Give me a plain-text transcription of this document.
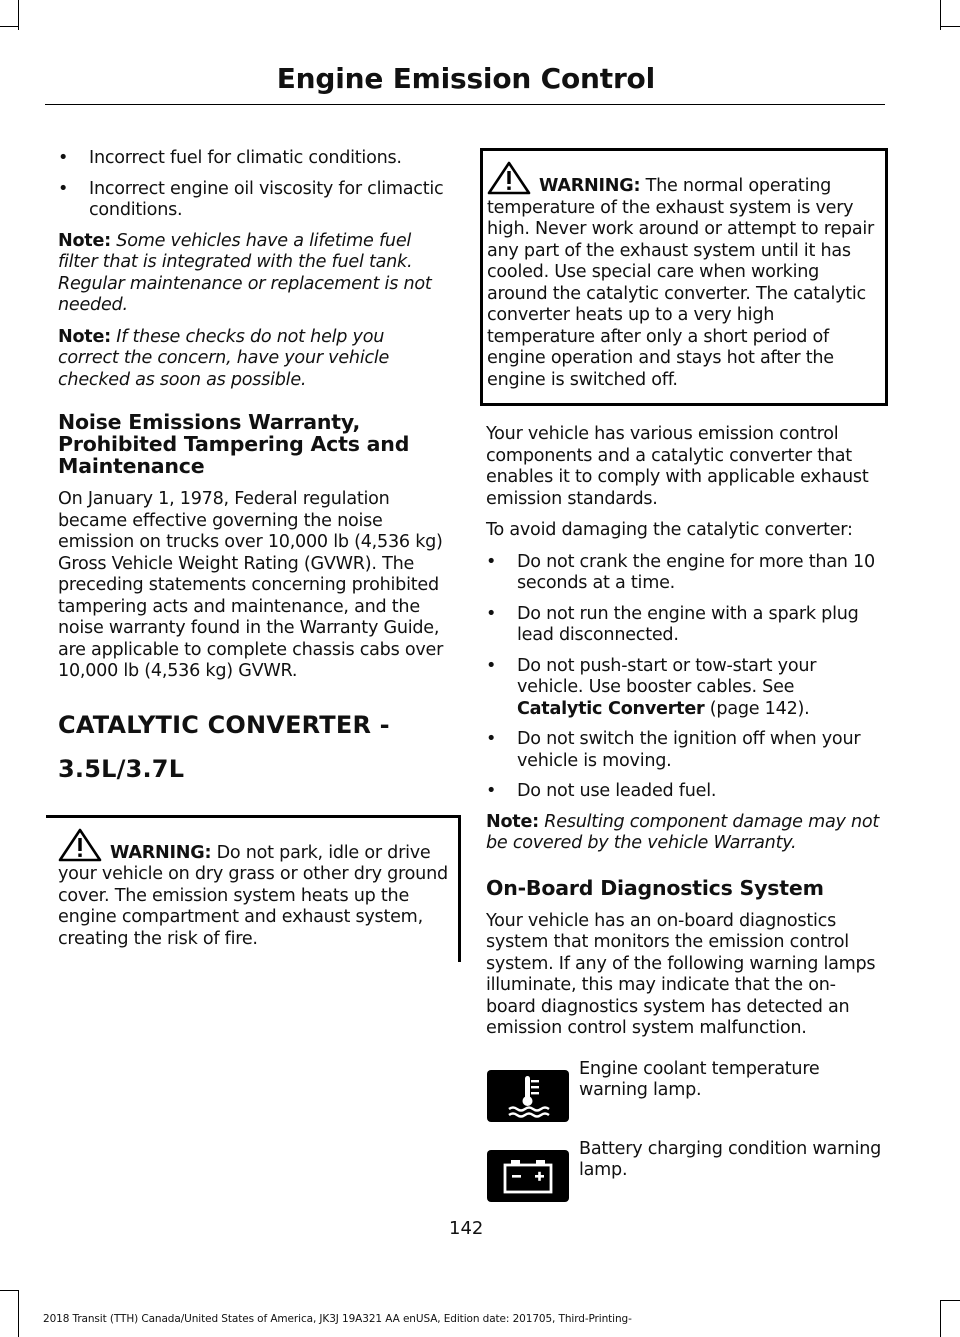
Engine Emission Control
• Incorrect fuel for climatic conditions.
• Incorrect engine oil viscosity for climactic conditions.

Note: Some vehicles have a lifetime fuel filter that is integrated with the fuel tank. Regular maintenance or replacement is not needed.

Note: If these checks do not help you correct the concern, have your vehicle checked as soon as possible.

Noise Emissions Warranty, Prohibited Tampering Acts and Maintenance

On January 1, 1978, Federal regulation became effective governing the noise emission on trucks over 10,000 lb (4,536 kg) Gross Vehicle Weight Rating (GVWR). The preceding statements concerning prohibited tampering acts and maintenance, and the noise warranty found in the Warranty Guide, are applicable to complete chassis cabs over 10,000 lb (4,536 kg) GVWR.

CATALYTIC CONVERTER -
3.5L/3.7L

WARNING: Do not park, idle or drive your vehicle on dry grass or other dry ground cover. The emission system heats up the engine compartment and exhaust system, creating the risk of fire.

WARNING: The normal operating temperature of the exhaust system is very high. Never work around or attempt to repair any part of the exhaust system until it has cooled. Use special care when working around the catalytic converter. The catalytic converter heats up to a very high temperature after only a short period of engine operation and stays hot after the engine is switched off.

Your vehicle has various emission control components and a catalytic converter that enables it to comply with applicable exhaust emission standards.

To avoid damaging the catalytic converter:

• Do not crank the engine for more than 10 seconds at a time.
• Do not run the engine with a spark plug lead disconnected.
• Do not push-start or tow-start your vehicle. Use booster cables. See Catalytic Converter (page 142).
• Do not switch the ignition off when your vehicle is moving.
• Do not use leaded fuel.

Note: Resulting component damage may not be covered by the vehicle Warranty.

On-Board Diagnostics System

Your vehicle has an on-board diagnostics system that monitors the emission control system. If any of the following warning lamps illuminate, this may indicate that the on-board diagnostics system has detected an emission control system malfunction.

Engine coolant temperature warning lamp.
Battery charging condition warning lamp.
142
2018 Transit (TTH) Canada/United States of America, JK3J 19A321 AA enUSA, Edition date: 201705, Third-Printing-
